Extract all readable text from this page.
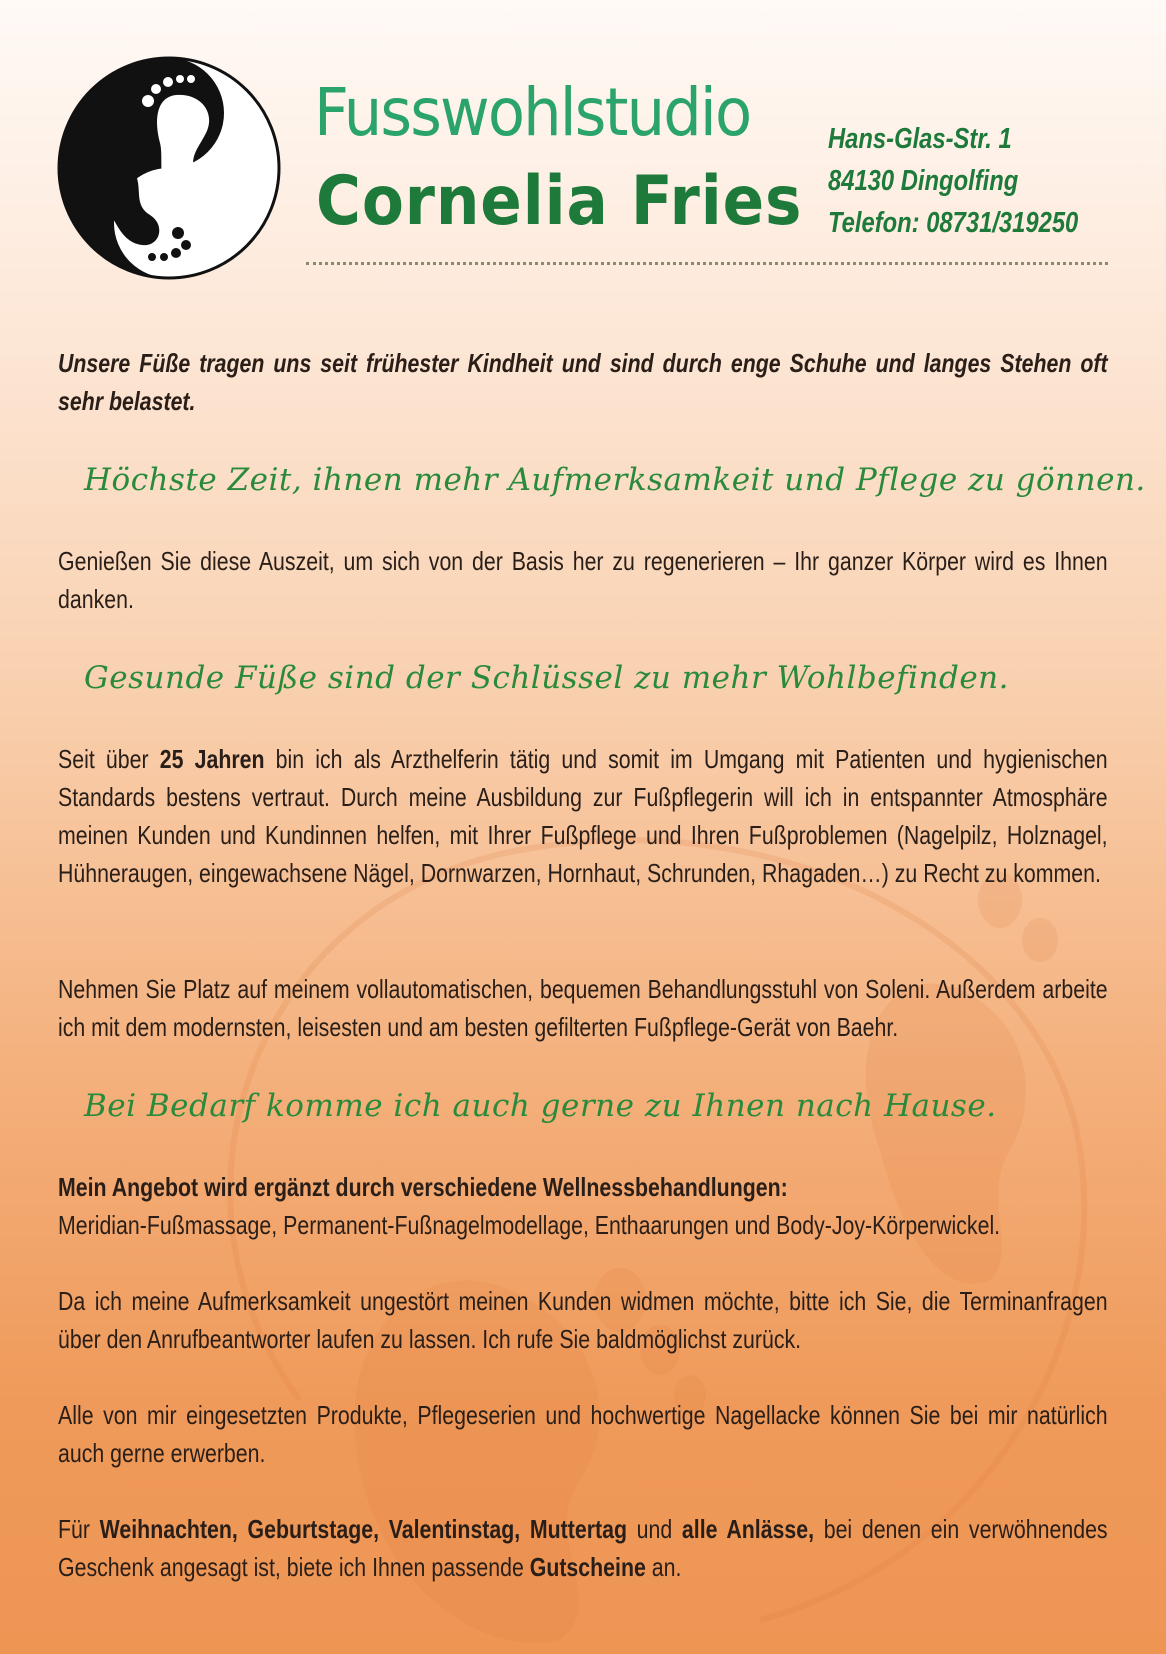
Fusswohlstudio
Cornelia Fries
Hans-Glas-Str. 1
84130 Dingolfing
Telefon: 08731/319250
Unsere Füße tragen uns seit frühester Kindheit und sind durch enge Schuhe und langes Stehen oft sehr belastet.
Höchste Zeit, ihnen mehr Aufmerksamkeit und Pflege zu gönnen.
Genießen Sie diese Auszeit, um sich von der Basis her zu regenerieren – Ihr ganzer Körper wird es Ihnen danken.
Gesunde Füße sind der Schlüssel zu mehr Wohlbefinden.
Seit über 25 Jahren bin ich als Arzthelferin tätig und somit im Umgang mit Patienten und hygienischen Standards bestens vertraut. Durch meine Ausbildung zur Fußpflegerin will ich in entspannter Atmosphäre meinen Kunden und Kundinnen helfen, mit Ihrer Fußpflege und Ihren Fußproblemen (Nagelpilz, Holznagel, Hühneraugen, eingewachsene Nägel, Dornwarzen, Hornhaut, Schrunden, Rhagaden…) zu Recht zu kommen.
Nehmen Sie Platz auf meinem vollautomatischen, bequemen Behandlungsstuhl von Soleni. Außerdem arbeite ich mit dem modernsten, leisesten und am besten gefilterten Fußpflege-Gerät von Baehr.
Bei Bedarf komme ich auch gerne zu Ihnen nach Hause.
Mein Angebot wird ergänzt durch verschiedene Wellnessbehandlungen:
Meridian-Fußmassage, Permanent-Fußnagelmodellage, Enthaarungen und Body-Joy-Körperwickel.
Da ich meine Aufmerksamkeit ungestört meinen Kunden widmen möchte, bitte ich Sie, die Terminanfragen über den Anrufbeantworter laufen zu lassen. Ich rufe Sie baldmöglichst zurück.
Alle von mir eingesetzten Produkte, Pflegeserien und hochwertige Nagellacke können Sie bei mir natürlich auch gerne erwerben.
Für Weihnachten, Geburtstage, Valentinstag, Muttertag und alle Anlässe, bei denen ein verwöhnendes Geschenk angesagt ist, biete ich Ihnen passende Gutscheine an.
